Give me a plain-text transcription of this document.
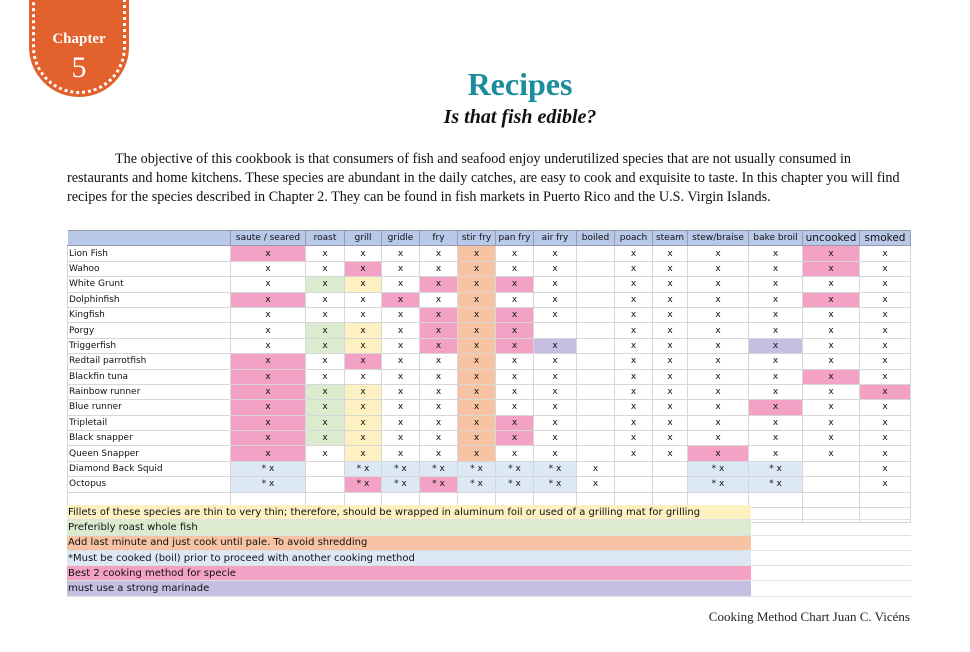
Chapter
5	Recipes
Is that fish edible?

The objective of this cookbook is that consumers of fish and seafood enjoy underutilized species that are not usually consumed in restaurants and home kitchens. These species are abundant in the daily catches, are easy to cook and exquisite to taste. In this chapter you will find recipes for the species described in Chapter 2. They can be found in fish markets in Puerto Rico and the U.S. Virgin Islands.

	saute / seared	roast	grill	gridle	fry	stir fry	pan fry	air fry	boiled	poach	steam	stew/braise	bake broil	uncooked	smoked
Lion Fish	x	x	x	x	x	x	x	x		x	x	x	x	x	x
Wahoo	x	x	x	x	x	x	x	x		x	x	x	x	x	x
White Grunt	x	x	x	x	x	x	x	x		x	x	x	x	x	x
Dolphinfish	x	x	x	x	x	x	x	x		x	x	x	x	x	x
Kingfish	x	x	x	x	x	x	x	x		x	x	x	x	x	x
Porgy	x	x	x	x	x	x	x			x	x	x	x	x	x
Triggerfish	x	x	x	x	x	x	x	x		x	x	x	x	x	x
Redtail parrotfish	x	x	x	x	x	x	x	x		x	x	x	x	x	x
Blackfin tuna	x	x	x	x	x	x	x	x		x	x	x	x	x	x
Rainbow runner	x	x	x	x	x	x	x	x		x	x	x	x	x	x
Blue runner	x	x	x	x	x	x	x	x		x	x	x	x	x	x
Tripletail	x	x	x	x	x	x	x	x		x	x	x	x	x	x
Black snapper	x	x	x	x	x	x	x	x		x	x	x	x	x	x
Queen Snapper	x	x	x	x	x	x	x	x		x	x	x	x	x	x
Diamond Back Squid	* x		* x	* x	* x	* x	* x	* x	x			* x	* x		x
Octopus	* x		* x	* x	* x	* x	* x	* x	x			* x	* x		x

Fillets of these species are thin to very thin; therefore, should be wrapped in aluminum foil or used of a grilling mat for grilling	
Preferibly roast whole fish	
Add last minute and just cook until pale. To avoid shredding	
*Must be cooked (boil) prior to proceed with another cooking method	
Best 2 cooking method for specie	
must use a strong marinade	
Cooking Method Chart Juan C. Vicéns
